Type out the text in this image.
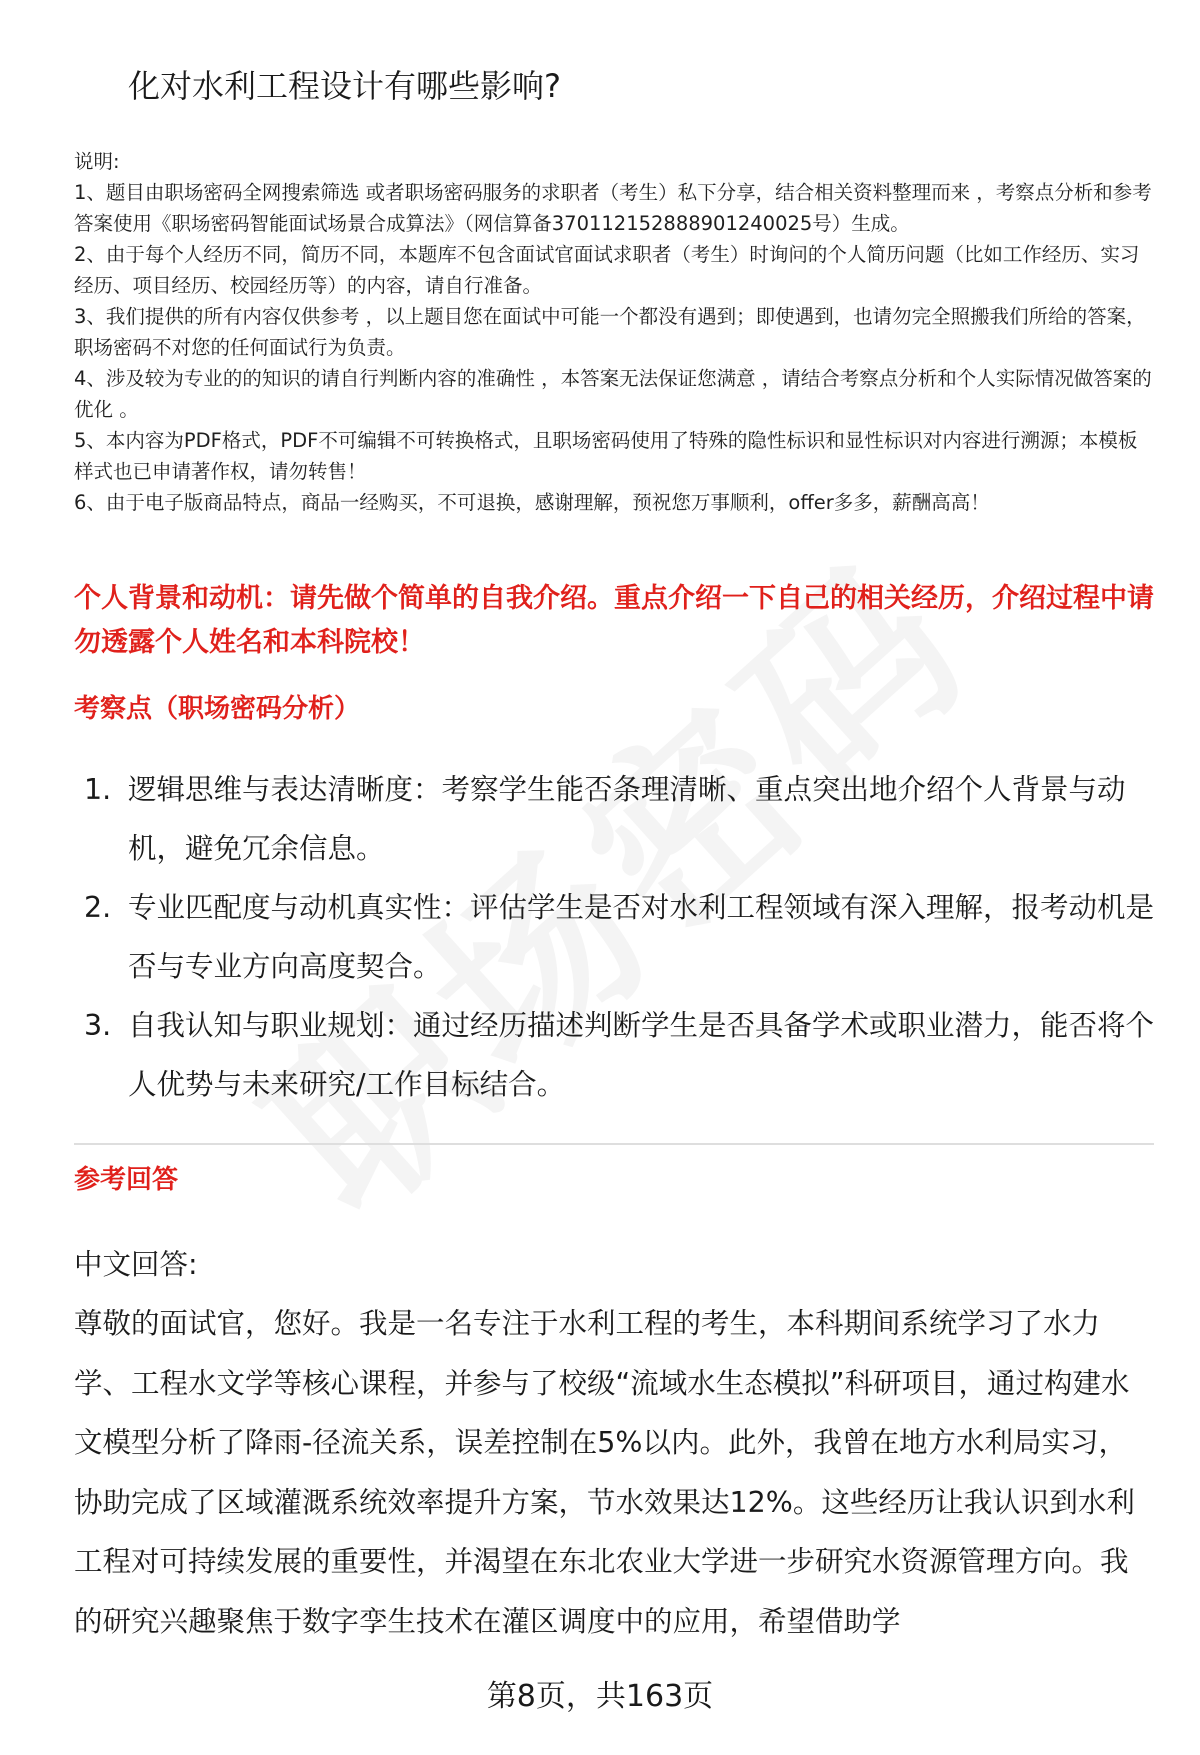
化对水利工程设计有哪些影响?

说明:

1、题目由职场密码全网搜索筛选 或者职场密码服务的求职者（考生）私下分享，结合相关资料整理而来 ，考察点分析和参考答案使用《职场密码智能面试场景合成算法》（网信算备370112152888901240025号）生成。

2、由于每个人经历不同，简历不同，本题库不包含面试官面试求职者（考生）时询问的个人简历问题（比如工作经历、实习经历、项目经历、校园经历等）的内容，请自行准备。

3、我们提供的所有内容仅供参考 ，以上题目您在面试中可能一个都没有遇到；即使遇到，也请勿完全照搬我们所给的答案，职场密码不对您的任何面试行为负责。

4、涉及较为专业的的知识的请自行判断内容的准确性 ，本答案无法保证您满意 ，请结合考察点分析和个人实际情况做答案的优化 。

5、本内容为PDF格式，PDF不可编辑不可转换格式，且职场密码使用了特殊的隐性标识和显性标识对内容进行溯源；本模板样式也已申请著作权，请勿转售！

6、由于电子版商品特点，商品一经购买，不可退换，感谢理解，预祝您万事顺利，offer多多，薪酬高高！

个人背景和动机：请先做个简单的自我介绍。重点介绍一下自己的相关经历，介绍过程中请勿透露个人姓名和本科院校！
考察点（职场密码分析）
1. 逻辑思维与表达清晰度：考察学生能否条理清晰、重点突出地介绍个人背景与动机，避免冗余信息。
2. 专业匹配度与动机真实性：评估学生是否对水利工程领域有深入理解，报考动机是否与专业方向高度契合。
3. 自我认知与职业规划：通过经历描述判断学生是否具备学术或职业潜力，能否将个人优势与未来研究/工作目标结合。
参考回答
中文回答:
尊敬的面试官，您好。我是一名专注于水利工程的考生，本科期间系统学习了水力学、工程水文学等核心课程，并参与了校级“流域水生态模拟”科研项目，通过构建水文模型分析了降雨-径流关系，误差控制在5%以内。此外，我曾在地方水利局实习，协助完成了区域灌溉系统效率提升方案，节水效果达12%。这些经历让我认识到水利工程对可持续发展的重要性，并渴望在东北农业大学进一步研究水资源管理方向。我的研究兴趣聚焦于数字孪生技术在灌区调度中的应用，希望借助学
第8页，共163页
